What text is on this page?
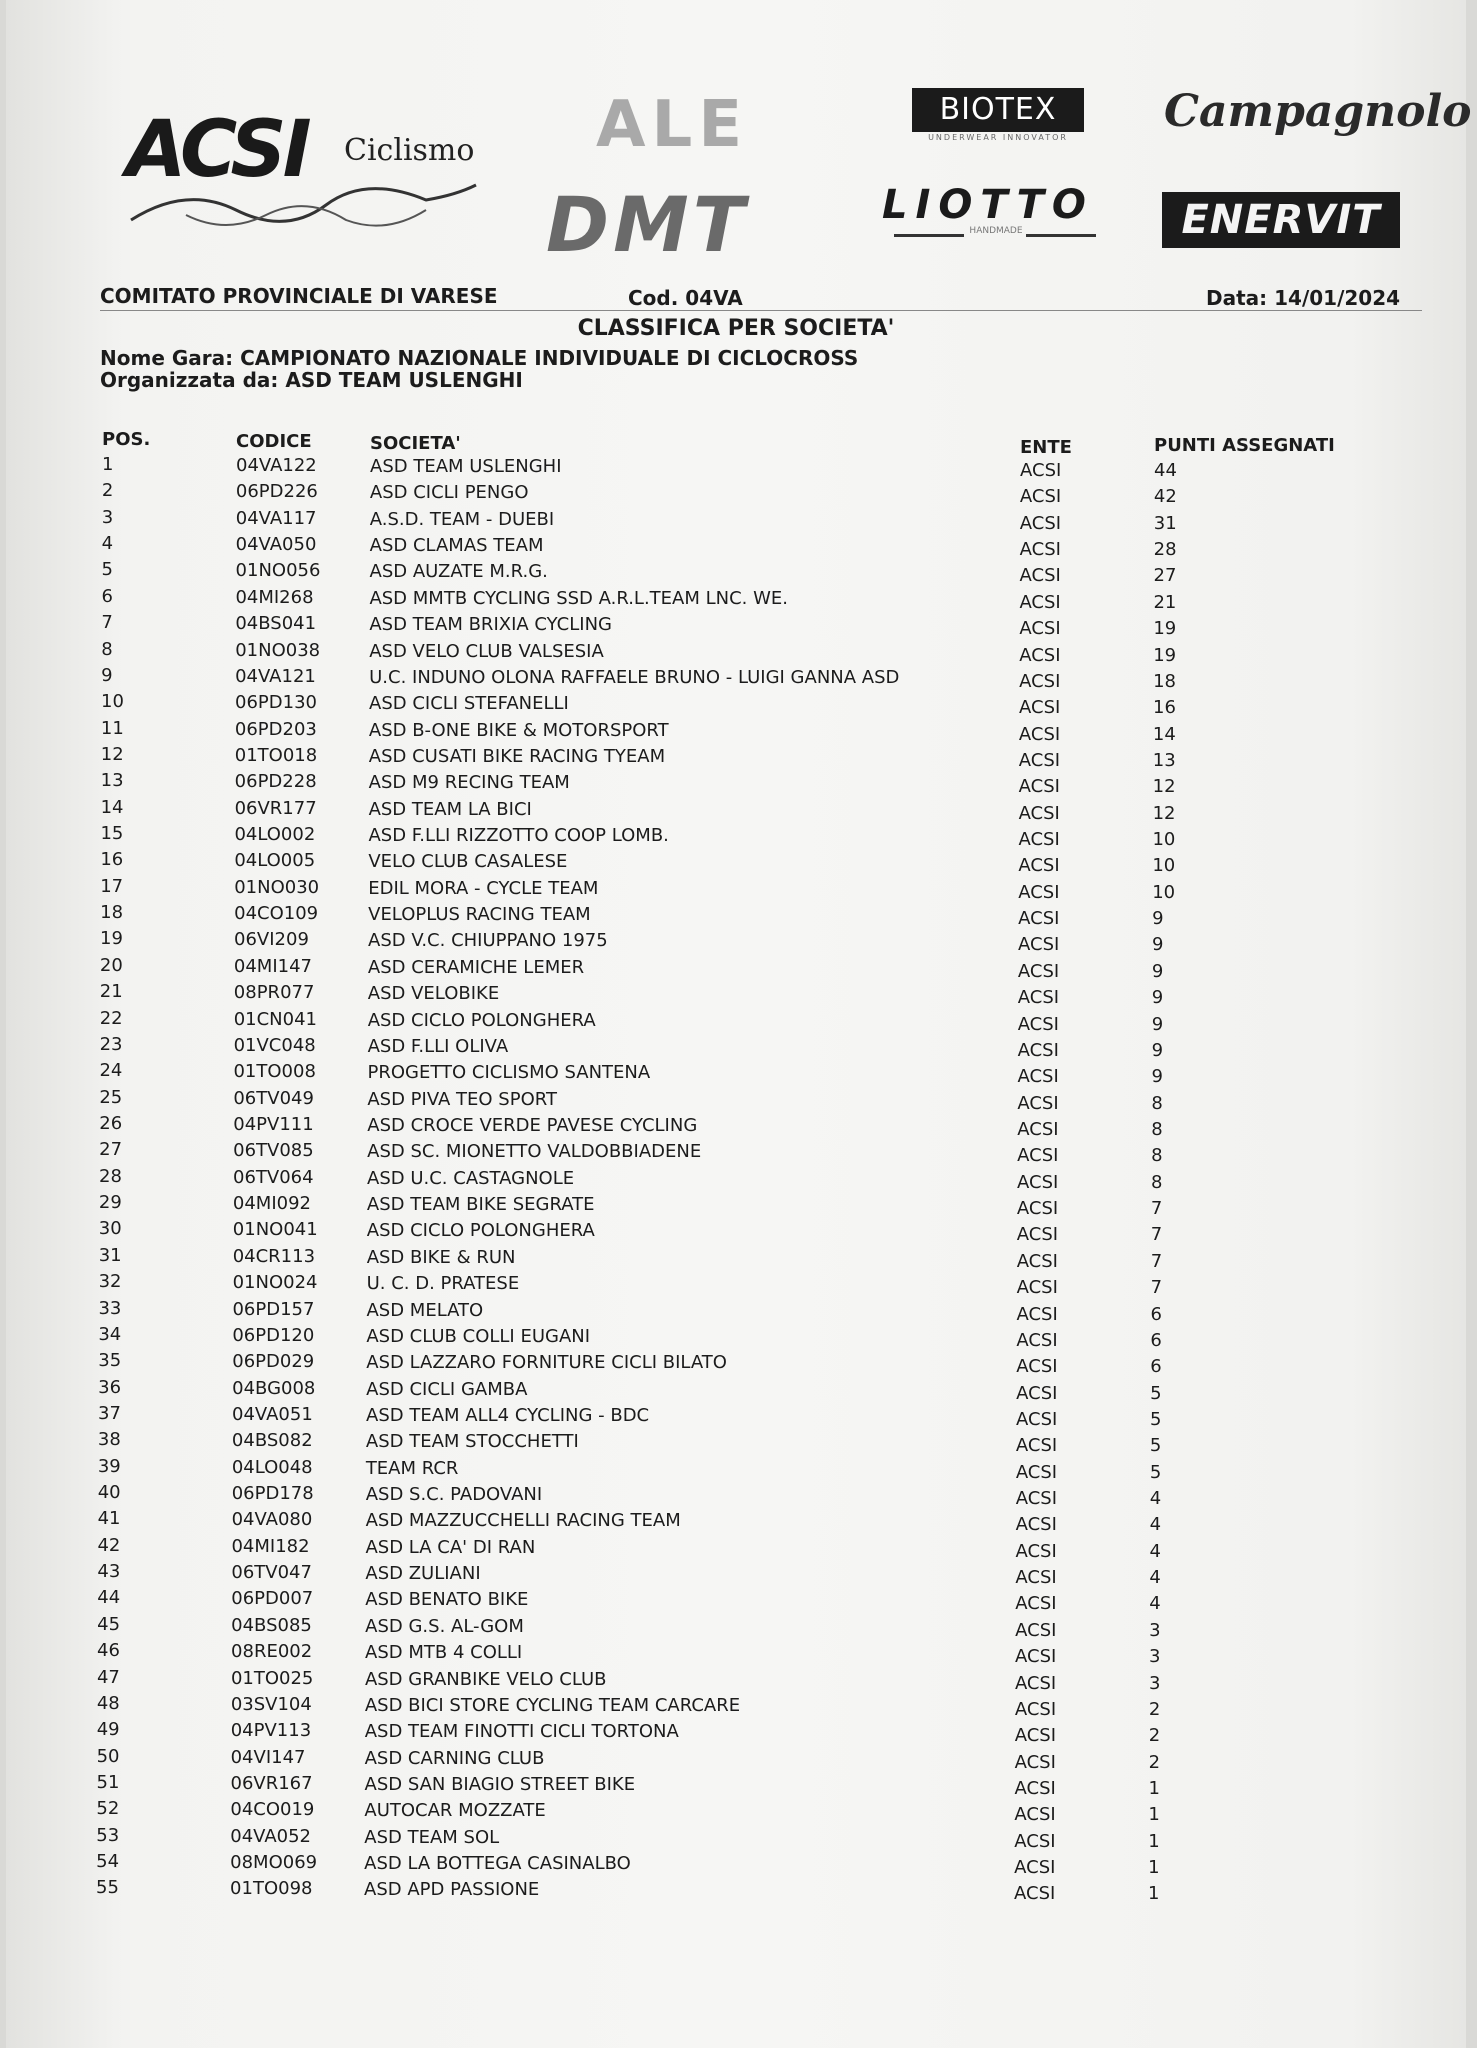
ACSI Ciclismo ALE	BIOTEX
UNDERWEAR INNOVATOR
Campagnolo
DMT	LIOTTO
HANDMADE	ENERVIT
COMITATO PROVINCIALE DI VARESE	Cod. 04VA	Data: 14/01/2024
CLASSIFICA PER SOCIETA'
Nome Gara: CAMPIONATO NAZIONALE INDIVIDUALE DI CICLOCROSS
Organizzata da: ASD TEAM USLENGHI
POS.	CODICE	SOCIETA'	ENTE	PUNTI ASSEGNATI
1	04VA122	ASD TEAM USLENGHI	ACSI	44
2	06PD226	ASD CICLI PENGO	ACSI	42
3	04VA117	A.S.D. TEAM - DUEBI	ACSI	31
4	04VA050	ASD CLAMAS TEAM	ACSI	28
5	01NO056	ASD AUZATE M.R.G.	ACSI	27
6	04MI268	ASD MMTB CYCLING SSD A.R.L.TEAM LNC. WE.	ACSI	21
7	04BS041	ASD TEAM BRIXIA CYCLING	ACSI	19
8	01NO038	ASD VELO CLUB VALSESIA	ACSI	19
9	04VA121	U.C. INDUNO OLONA RAFFAELE BRUNO - LUIGI GANNA ASD	ACSI	18
10	06PD130	ASD CICLI STEFANELLI	ACSI	16
11	06PD203	ASD B-ONE BIKE & MOTORSPORT	ACSI	14
12	01TO018	ASD CUSATI BIKE RACING TYEAM	ACSI	13
13	06PD228	ASD M9 RECING TEAM	ACSI	12
14	06VR177	ASD TEAM LA BICI	ACSI	12
15	04LO002	ASD F.LLI RIZZOTTO COOP LOMB.	ACSI	10
16	04LO005	VELO CLUB CASALESE	ACSI	10
17	01NO030	EDIL MORA - CYCLE TEAM	ACSI	10
18	04CO109	VELOPLUS RACING TEAM	ACSI	9
19	06VI209	ASD V.C. CHIUPPANO 1975	ACSI	9
20	04MI147	ASD CERAMICHE LEMER	ACSI	9
21	08PR077	ASD VELOBIKE	ACSI	9
22	01CN041	ASD CICLO POLONGHERA	ACSI	9
23	01VC048	ASD F.LLI OLIVA	ACSI	9
24	01TO008	PROGETTO CICLISMO SANTENA	ACSI	9
25	06TV049	ASD PIVA TEO SPORT	ACSI	8
26	04PV111	ASD CROCE VERDE PAVESE CYCLING	ACSI	8
27	06TV085	ASD SC. MIONETTO VALDOBBIADENE	ACSI	8
28	06TV064	ASD U.C. CASTAGNOLE	ACSI	8
29	04MI092	ASD TEAM BIKE SEGRATE	ACSI	7
30	01NO041	ASD CICLO POLONGHERA	ACSI	7
31	04CR113	ASD BIKE & RUN	ACSI	7
32	01NO024	U. C. D. PRATESE	ACSI	7
33	06PD157	ASD MELATO	ACSI	6
34	06PD120	ASD CLUB COLLI EUGANI	ACSI	6
35	06PD029	ASD LAZZARO FORNITURE CICLI BILATO	ACSI	6
36	04BG008	ASD CICLI GAMBA	ACSI	5
37	04VA051	ASD TEAM ALL4 CYCLING - BDC	ACSI	5
38	04BS082	ASD TEAM STOCCHETTI	ACSI	5
39	04LO048	TEAM RCR	ACSI	5
40	06PD178	ASD S.C. PADOVANI	ACSI	4
41	04VA080	ASD MAZZUCCHELLI RACING TEAM	ACSI	4
42	04MI182	ASD LA CA' DI RAN	ACSI	4
43	06TV047	ASD ZULIANI	ACSI	4
44	06PD007	ASD BENATO BIKE	ACSI	4
45	04BS085	ASD G.S. AL-GOM	ACSI	3
46	08RE002	ASD MTB 4 COLLI	ACSI	3
47	01TO025	ASD GRANBIKE VELO CLUB	ACSI	3
48	03SV104	ASD BICI STORE CYCLING TEAM CARCARE	ACSI	2
49	04PV113	ASD TEAM FINOTTI CICLI TORTONA	ACSI	2
50	04VI147	ASD CARNING CLUB	ACSI	2
51	06VR167	ASD SAN BIAGIO STREET BIKE	ACSI	1
52	04CO019	AUTOCAR MOZZATE	ACSI	1
53	04VA052	ASD TEAM SOL	ACSI	1
54	08MO069	ASD LA BOTTEGA CASINALBO	ACSI	1
55	01TO098	ASD APD PASSIONE	ACSI	1
